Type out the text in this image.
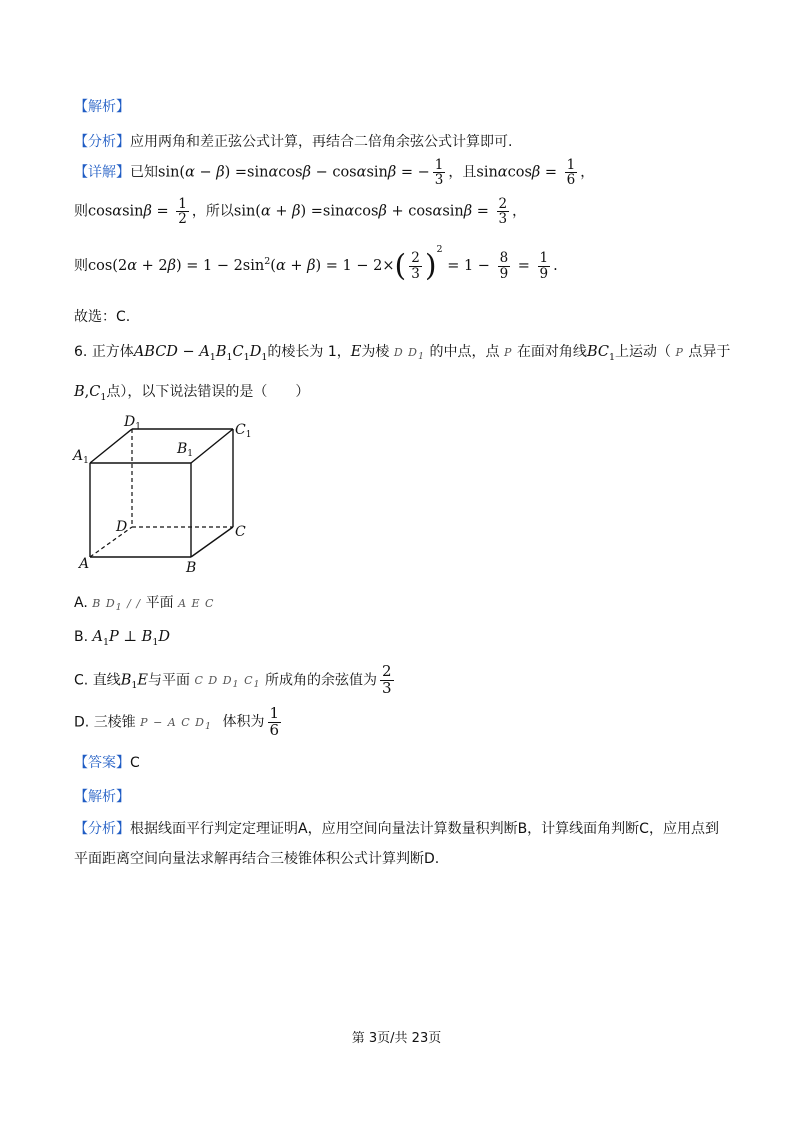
【解析】
【分析】应用两角和差正弦公式计算，再结合二倍角余弦公式计算即可.
【详解】已知sin(α − β) =sinαcosβ − cosαsinβ = − $\frac{1}{3}$ ，且$\sin\alpha\cos\beta = \frac{1}{6}$ ，
则$\cos\alpha\sin\beta = \frac{1}{2}$ ，所以$\sin(\alpha + \beta) =\sin\alpha\cos\beta + \cos\alpha\sin\beta = \frac{2}{3}$ ，
则$\cos(2\alpha + 2\beta) = 1 - 2\sin^2(\alpha + \beta) = 1 - 2\times( \frac{2}{3} )^2 = 1 - \frac{8}{9} = \frac{1}{9}$ .
故选：C.
6. 正方体ABCD − $A_1B_1C_1D_1$的棱长为 1，E为棱 D $D_1$ 的中点，点 P 在面对角线$BC_1$上运动（ P 点异于
$B,C_1$点），以下说法错误的是（　　）
$D_1$	$C_1$
$A_1$
$B_1$
D	C
A	B
A. B $D_1$ / / 平面 A E C
B. $A_1P$ ⊥ $B_1D$
C. 直线$B_1E$与平面 C D $D_1$ $C_1$ 所成角的余弦值为 $\frac{2}{3}$
D. 三棱锥 P − A C $D_1$ 体积为 $\frac{1}{6}$
【答案】C
【解析】
【分析】根据线面平行判定定理证明A，应用空间向量法计算数量积判断B，计算线面角判断C，应用点到
平面距离空间向量法求解再结合三棱锥体积公式计算判断D.
第 3页/共 23页
